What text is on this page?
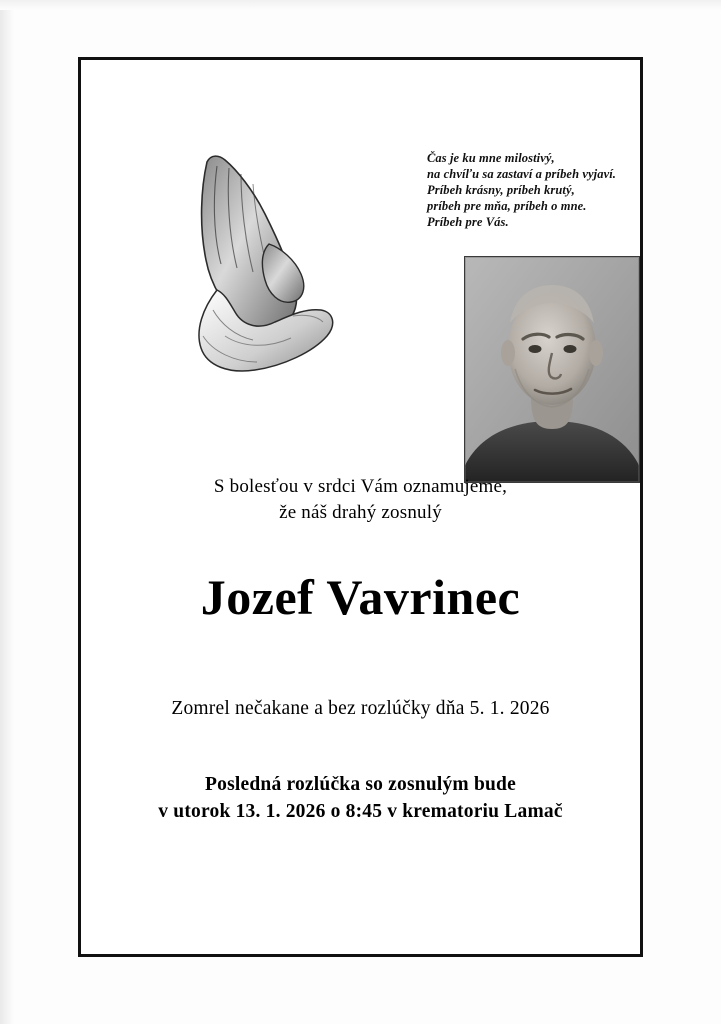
Čas je ku mne milostivý,
na chvíľu sa zastaví a príbeh vyjaví.
Príbeh krásny, príbeh krutý,
príbeh pre mňa, príbeh o mne.
Príbeh pre Vás.
S bolesťou v srdci Vám oznamujeme,
že náš drahý zosnulý
Jozef Vavrinec
Zomrel nečakane a bez rozlúčky dňa 5. 1. 2026
Posledná rozlúčka so zosnulým bude
v utorok 13. 1. 2026 o 8:45 v krematoriu Lamač
